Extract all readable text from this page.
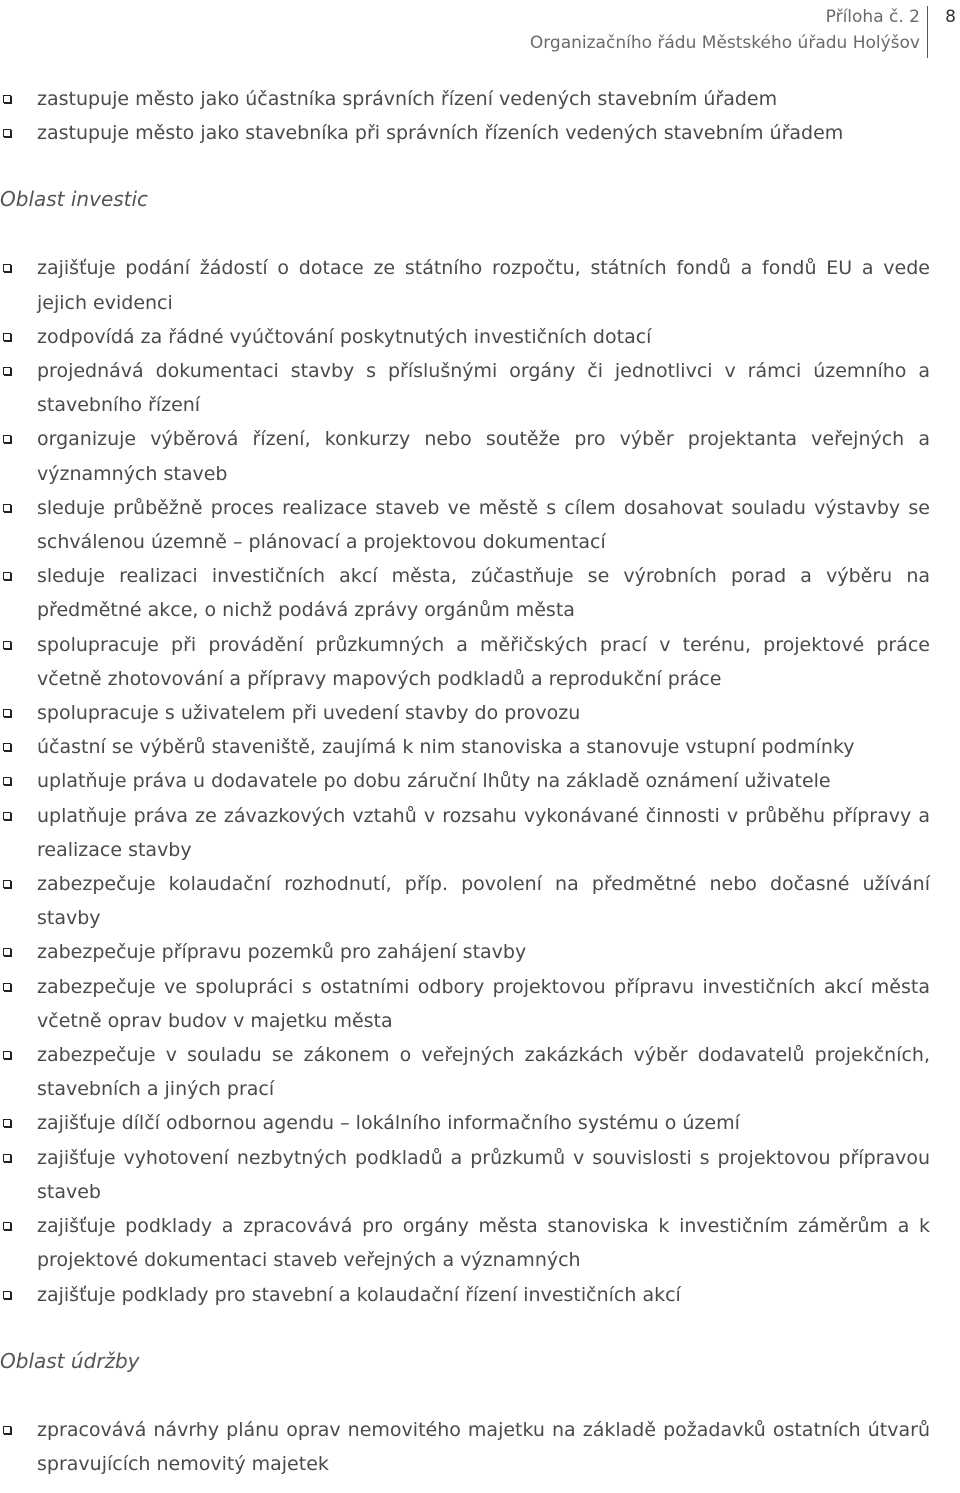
Příloha č. 2
Organizačního řádu Městského úřadu Holýšov
8
zastupuje město jako účastníka správních řízení vedených stavebním úřadem
zastupuje město jako stavebníka při správních řízeních vedených stavebním úřadem

Oblast investic

zajišťuje podání žádostí o dotace ze státního rozpočtu, státních fondů a fondů EU a vede jejich evidenci
zodpovídá za řádné vyúčtování poskytnutých investičních dotací
projednává dokumentaci stavby s příslušnými orgány či jednotlivci v rámci územního a stavebního řízení
organizuje výběrová řízení, konkurzy nebo soutěže pro výběr projektanta veřejných a významných staveb
sleduje průběžně proces realizace staveb ve městě s cílem dosahovat souladu výstavby se schválenou územně – plánovací a projektovou dokumentací
sleduje realizaci investičních akcí města, zúčastňuje se výrobních porad a výběru na předmětné akce, o nichž podává zprávy orgánům města
spolupracuje při provádění průzkumných a měřičských prací v terénu, projektové práce včetně zhotovování a přípravy mapových podkladů a reprodukční práce
spolupracuje s uživatelem při uvedení stavby do provozu
účastní se výběrů staveniště, zaujímá k nim stanoviska a stanovuje vstupní podmínky
uplatňuje práva u dodavatele po dobu záruční lhůty na základě oznámení uživatele
uplatňuje práva ze závazkových vztahů v rozsahu vykonávané činnosti v průběhu přípravy a realizace stavby
zabezpečuje kolaudační rozhodnutí, příp. povolení na předmětné nebo dočasné užívání stavby
zabezpečuje přípravu pozemků pro zahájení stavby
zabezpečuje ve spolupráci s ostatními odbory projektovou přípravu investičních akcí města včetně oprav budov v majetku města
zabezpečuje v souladu se zákonem o veřejných zakázkách výběr dodavatelů projekčních, stavebních a jiných prací
zajišťuje dílčí odbornou agendu – lokálního informačního systému o území
zajišťuje vyhotovení nezbytných podkladů a průzkumů v souvislosti s projektovou přípravou staveb
zajišťuje podklady a zpracovává pro orgány města stanoviska k investičním záměrům a k projektové dokumentaci staveb veřejných a významných
zajišťuje podklady pro stavební a kolaudační řízení investičních akcí

Oblast údržby

zpracovává návrhy plánu oprav nemovitého majetku na základě požadavků ostatních útvarů spravujících nemovitý majetek
